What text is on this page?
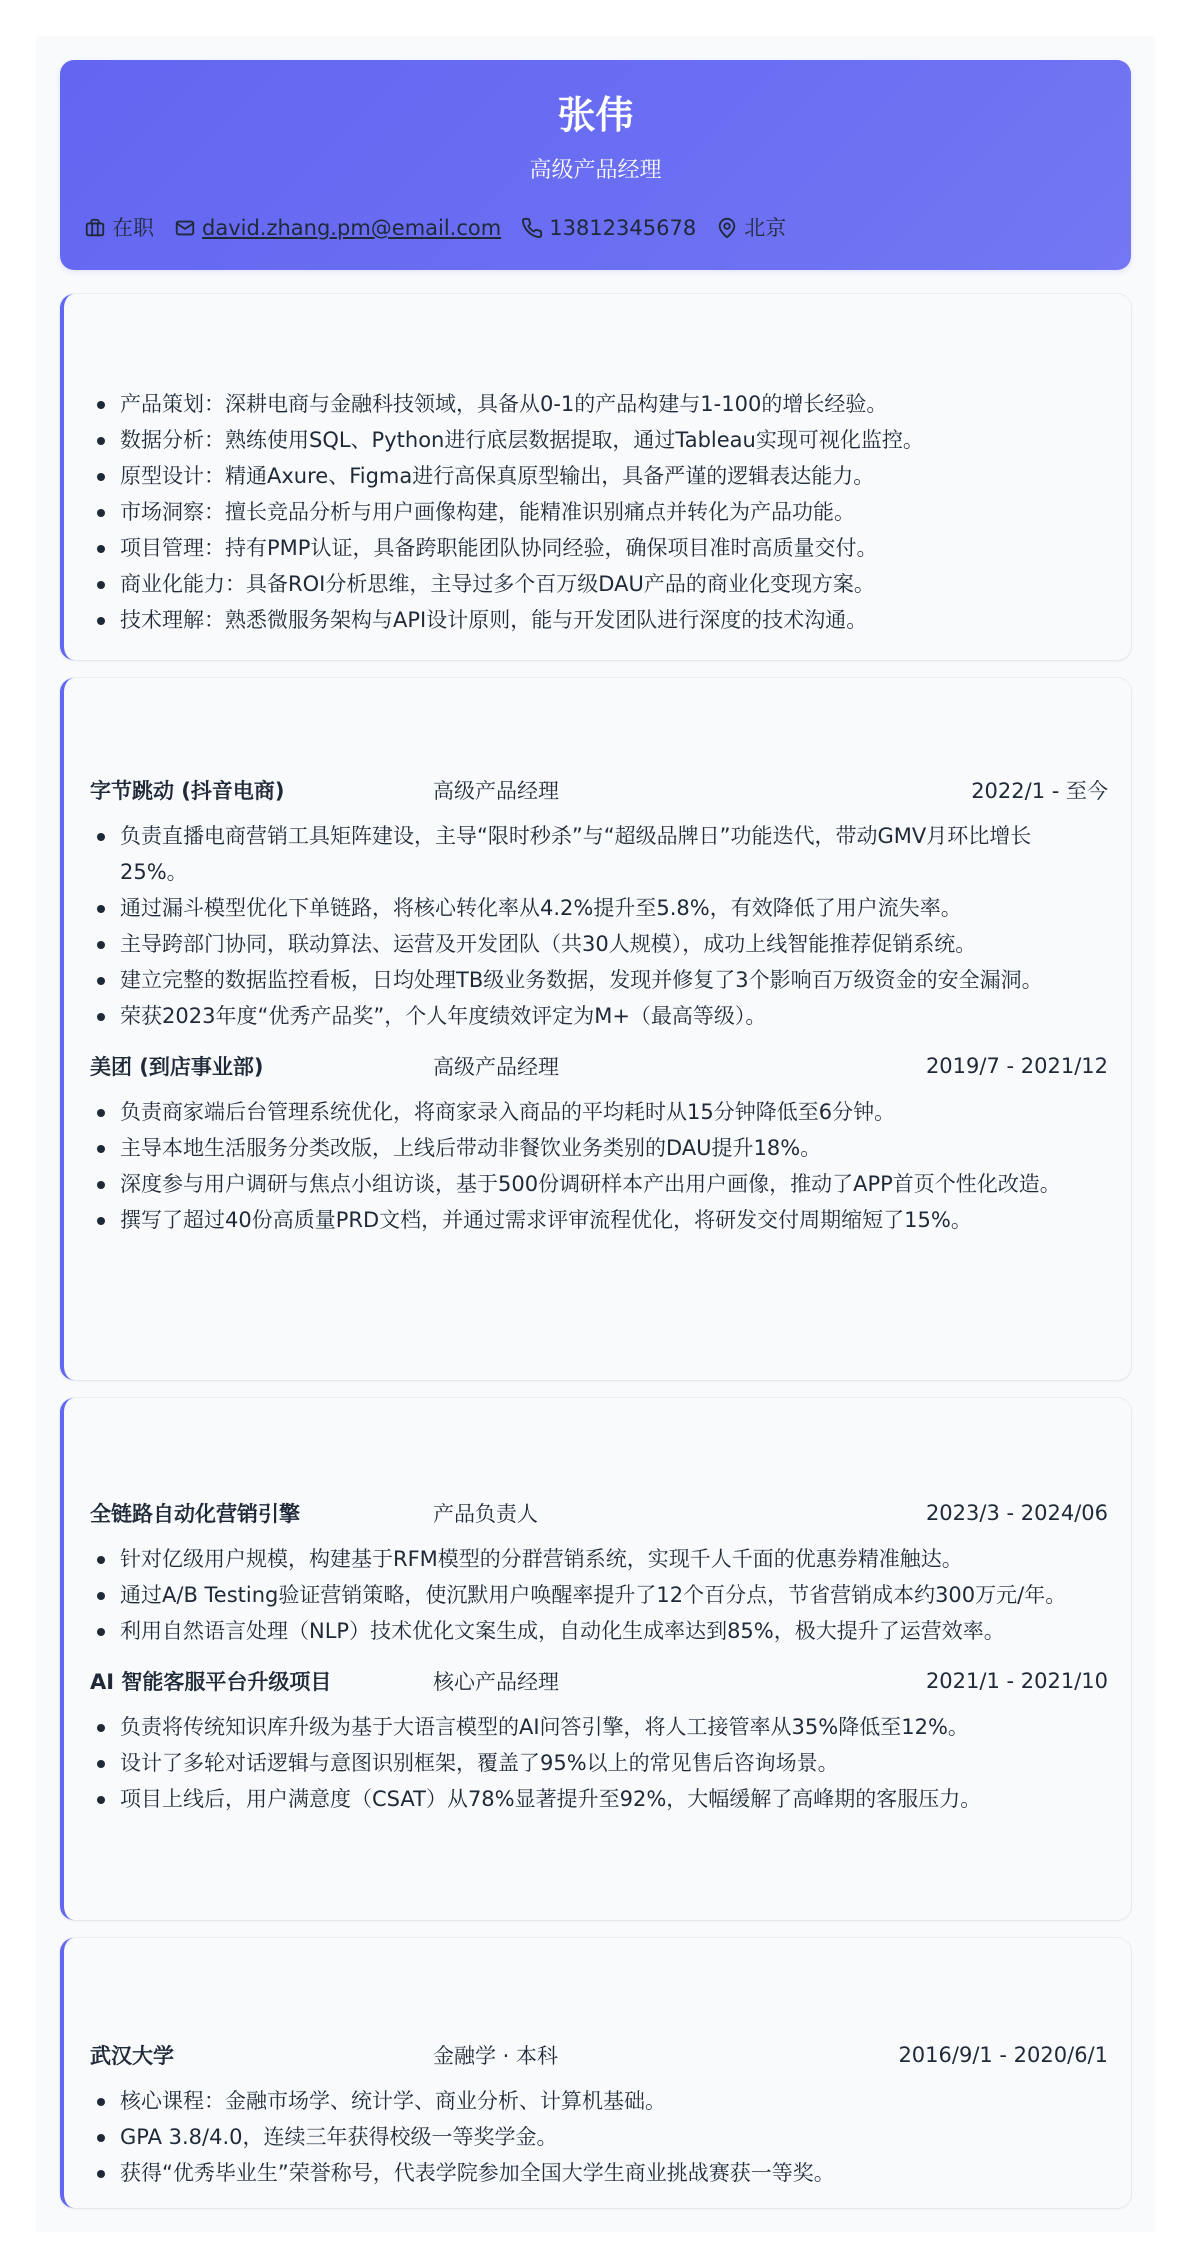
张伟
高级产品经理
在职 david.zhang.pm@email.com 13812345678 北京
产品策划：深耕电商与金融科技领域，具备从0-1的产品构建与1-100的增长经验。
数据分析：熟练使用SQL、Python进行底层数据提取，通过Tableau实现可视化监控。
原型设计：精通Axure、Figma进行高保真原型输出，具备严谨的逻辑表达能力。
市场洞察：擅长竞品分析与用户画像构建，能精准识别痛点并转化为产品功能。
项目管理：持有PMP认证，具备跨职能团队协同经验，确保项目准时高质量交付。
商业化能力：具备ROI分析思维，主导过多个百万级DAU产品的商业化变现方案。
技术理解：熟悉微服务架构与API设计原则，能与开发团队进行深度的技术沟通。
字节跳动 (抖音电商)	高级产品经理	2022/1 - 至今
负责直播电商营销工具矩阵建设，主导“限时秒杀”与“超级品牌日”功能迭代，带动GMV月环比增长25%。
通过漏斗模型优化下单链路，将核心转化率从4.2%提升至5.8%，有效降低了用户流失率。
主导跨部门协同，联动算法、运营及开发团队（共30人规模），成功上线智能推荐促销系统。
建立完整的数据监控看板，日均处理TB级业务数据，发现并修复了3个影响百万级资金的安全漏洞。
荣获2023年度“优秀产品奖”，个人年度绩效评定为M+（最高等级）。
美团 (到店事业部)	高级产品经理	2019/7 - 2021/12
负责商家端后台管理系统优化，将商家录入商品的平均耗时从15分钟降低至6分钟。
主导本地生活服务分类改版，上线后带动非餐饮业务类别的DAU提升18%。
深度参与用户调研与焦点小组访谈，基于500份调研样本产出用户画像，推动了APP首页个性化改造。
撰写了超过40份高质量PRD文档，并通过需求评审流程优化，将研发交付周期缩短了15%。
全链路自动化营销引擎	产品负责人	2023/3 - 2024/06
针对亿级用户规模，构建基于RFM模型的分群营销系统，实现千人千面的优惠券精准触达。
通过A/B Testing验证营销策略，使沉默用户唤醒率提升了12个百分点，节省营销成本约300万元/年。
利用自然语言处理（NLP）技术优化文案生成，自动化生成率达到85%，极大提升了运营效率。
AI 智能客服平台升级项目	核心产品经理	2021/1 - 2021/10
负责将传统知识库升级为基于大语言模型的AI问答引擎，将人工接管率从35%降低至12%。
设计了多轮对话逻辑与意图识别框架，覆盖了95%以上的常见售后咨询场景。
项目上线后，用户满意度（CSAT）从78%显著提升至92%，大幅缓解了高峰期的客服压力。
武汉大学	金融学 · 本科	2016/9/1 - 2020/6/1
核心课程：金融市场学、统计学、商业分析、计算机基础。
GPA 3.8/4.0，连续三年获得校级一等奖学金。
获得“优秀毕业生”荣誉称号，代表学院参加全国大学生商业挑战赛获一等奖。
